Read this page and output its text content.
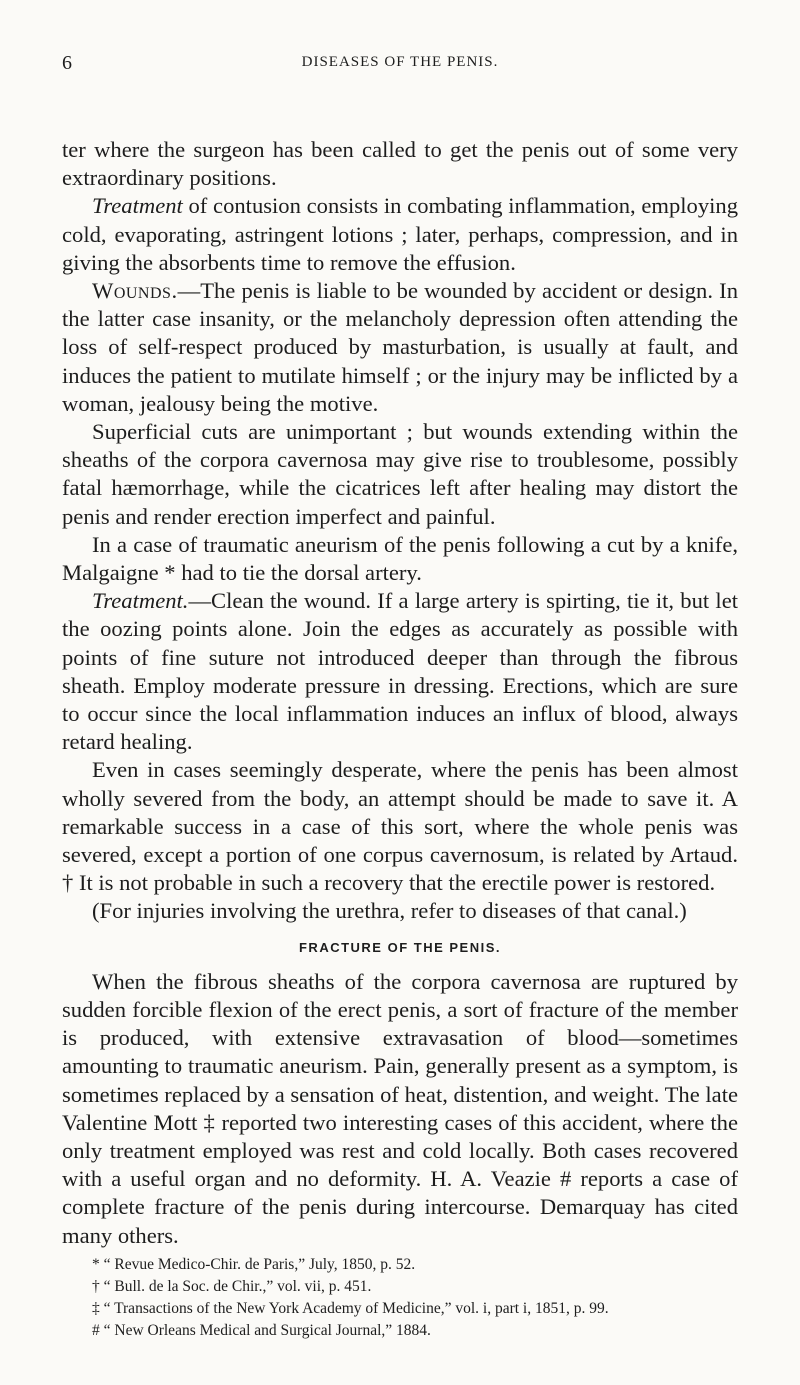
6	DISEASES OF THE PENIS.

ter where the surgeon has been called to get the penis out of some very extraordinary positions.

Treatment of contusion consists in combating inflammation, employing cold, evaporating, astringent lotions ; later, perhaps, compression, and in giving the absorbents time to remove the effusion.

Wounds.—The penis is liable to be wounded by accident or design. In the latter case insanity, or the melancholy depression often attending the loss of self-respect produced by masturbation, is usually at fault, and induces the patient to mutilate himself ; or the injury may be inflicted by a woman, jealousy being the motive.

Superficial cuts are unimportant ; but wounds extending within the sheaths of the corpora cavernosa may give rise to troublesome, possibly fatal hæmorrhage, while the cicatrices left after healing may distort the penis and render erection imperfect and painful.

In a case of traumatic aneurism of the penis following a cut by a knife, Malgaigne * had to tie the dorsal artery.

Treatment.—Clean the wound. If a large artery is spirting, tie it, but let the oozing points alone. Join the edges as accurately as possible with points of fine suture not introduced deeper than through the fibrous sheath. Employ moderate pressure in dressing. Erections, which are sure to occur since the local inflammation induces an influx of blood, always retard healing.

Even in cases seemingly desperate, where the penis has been almost wholly severed from the body, an attempt should be made to save it. A remarkable success in a case of this sort, where the whole penis was severed, except a portion of one corpus cavernosum, is related by Artaud. † It is not probable in such a recovery that the erectile power is restored.

(For injuries involving the urethra, refer to diseases of that canal.)

FRACTURE OF THE PENIS.

When the fibrous sheaths of the corpora cavernosa are ruptured by sudden forcible flexion of the erect penis, a sort of fracture of the member is produced, with extensive extravasation of blood—sometimes amounting to traumatic aneurism. Pain, generally present as a symptom, is sometimes replaced by a sensation of heat, distention, and weight. The late Valentine Mott ‡ reported two interesting cases of this accident, where the only treatment employed was rest and cold locally. Both cases recovered with a useful organ and no deformity. H. A. Veazie # reports a case of complete fracture of the penis during intercourse. Demarquay has cited many others.

* “ Revue Medico-Chir. de Paris,” July, 1850, p. 52.
† “ Bull. de la Soc. de Chir.,” vol. vii, p. 451.
‡ “ Transactions of the New York Academy of Medicine,” vol. i, part i, 1851, p. 99.
# “ New Orleans Medical and Surgical Journal,” 1884.
